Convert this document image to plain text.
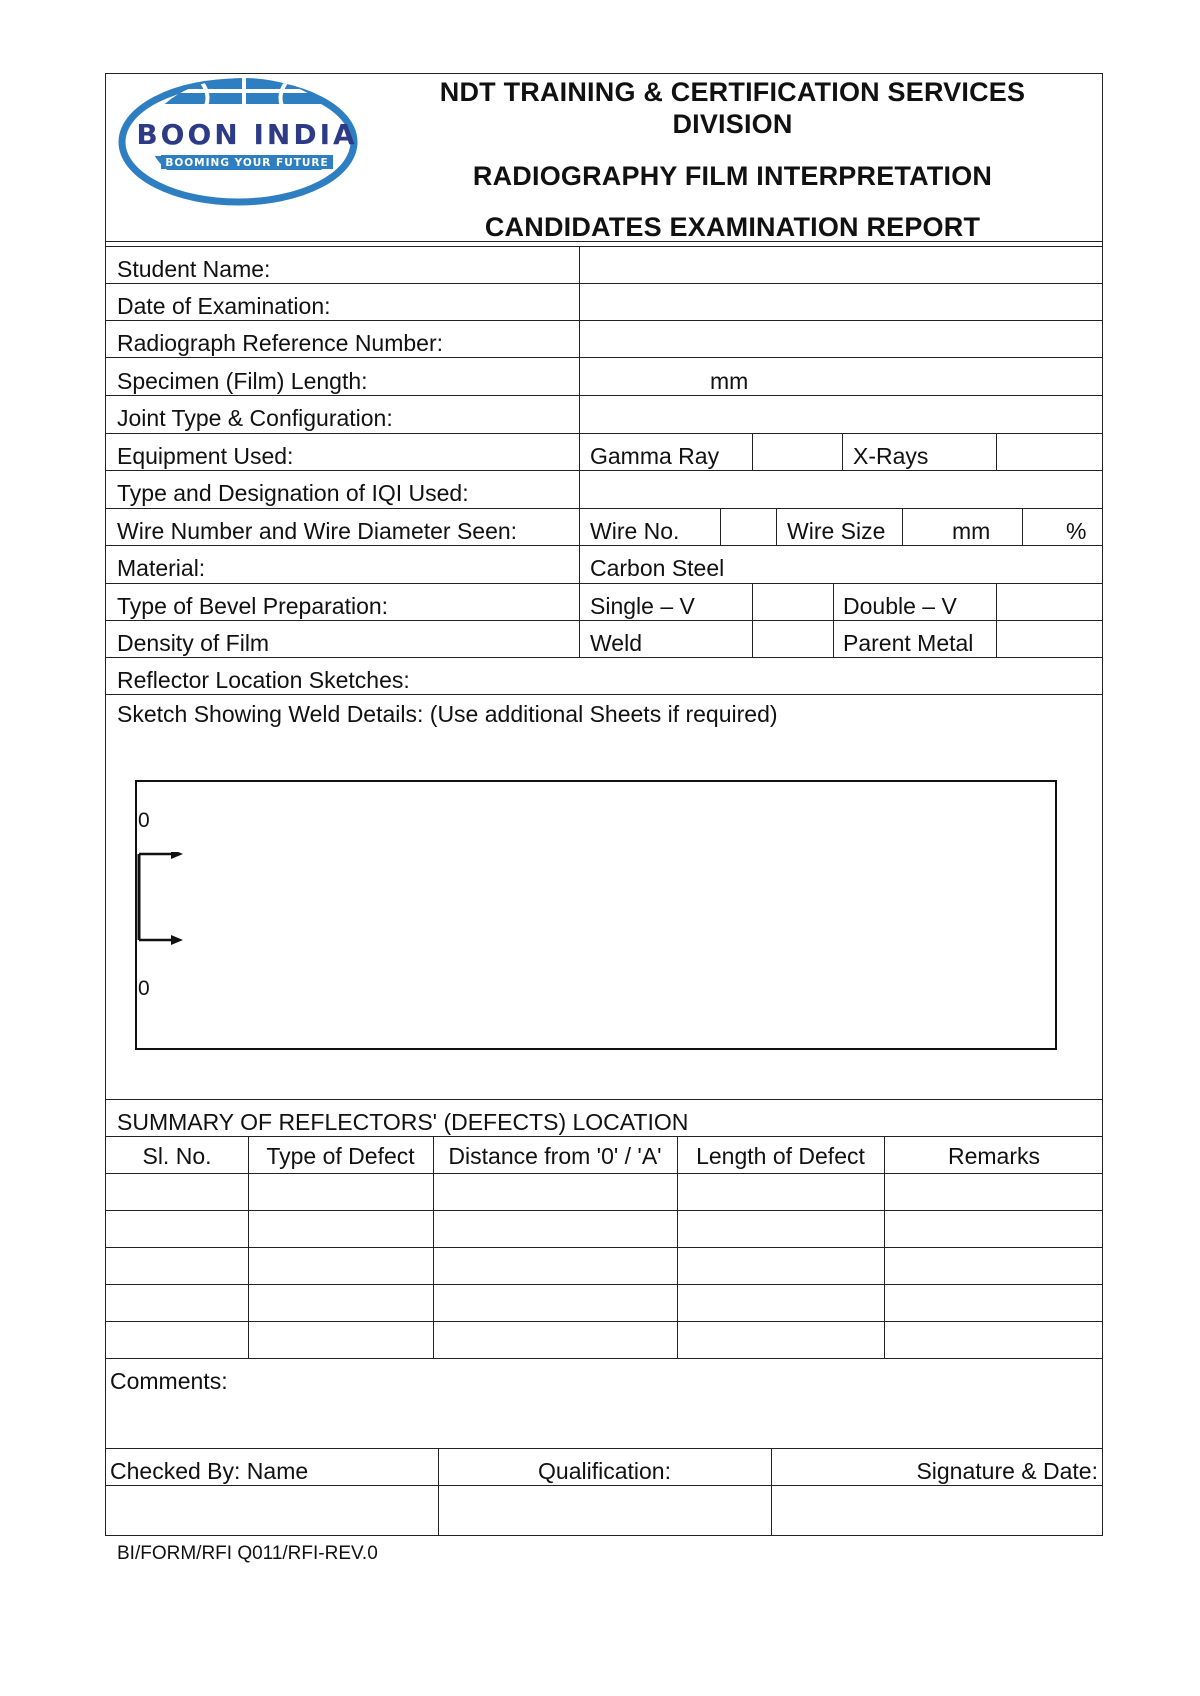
BOON INDIA
BOOMING YOUR FUTURE
NDT TRAINING & CERTIFICATION SERVICES
DIVISION
RADIOGRAPHY FILM INTERPRETATION
CANDIDATES EXAMINATION REPORT
Student Name:
Date of Examination:
Radiograph Reference Number:
Specimen (Film) Length:	mm
Joint Type & Configuration:
Equipment Used:	Gamma Ray	X-Rays
Type and Designation of IQI Used:
Wire Number and Wire Diameter Seen:	Wire No.	Wire Size	mm	%
Material:	Carbon Steel
Type of Bevel Preparation:	Single – V	Double – V
Density of Film	Weld	Parent Metal
Reflector Location Sketches:
Sketch Showing Weld Details: (Use additional Sheets if required)
0
0
SUMMARY OF REFLECTORS' (DEFECTS) LOCATION
Sl. No.	Type of Defect	Distance from '0' / 'A'	Length of Defect	Remarks
Comments:
Checked By: Name	Qualification:	Signature & Date:
BI/FORM/RFI Q011/RFI-REV.0
